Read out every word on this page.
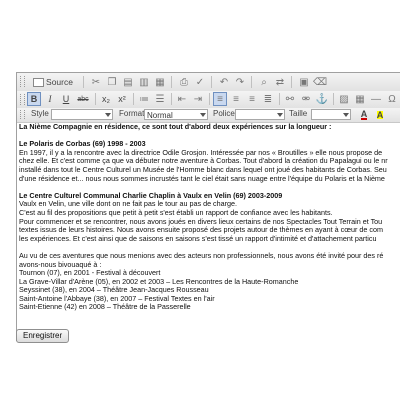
Source ✂ ❐ ▤ ▥ ▦	⎙ ✓ ↶ ↷	⌕ ⇄ ▣ ⌫
B	I	U	abc	x₂ x²	≔ ☰ ⇤ ⇥	≡	≡	≡ ≣ ⚯ ⚮ ⚓ ▨ ▦ ― Ω
Style	Format Normal	Police	Taille	A A

La Nième Compagnie en résidence, ce sont tout d'abord deux expériences sur la longueur :

Le Polaris de Corbas (69) 1998 - 2003

En 1997, il y a la rencontre avec la directrice Odile Grosjon. Intéressée par nos « Broutilles » elle nous propose de

chez elle. Et c'est comme ça que va débuter notre aventure à Corbas. Tout d'abord la création du Papalagui ou le nr

installé dans tout le Centre Culturel un Musée de l'Homme blanc dans lequel ont joué des habitants de Corbas. Seu

d'une résidence et... nous nous sommes incrustés tant le ciel était sans nuage entre l'équipe du Polaris et la Nième

Le Centre Culturel Communal Charlie Chaplin à Vaulx en Velin (69) 2003-2009

Vaulx en Velin, une ville dont on ne fait pas le tour au pas de charge.

C'est au fil des propositions que petit à petit s'est établi un rapport de confiance avec les habitants.

Pour commencer et se rencontrer, nous avons joués en divers lieux certains de nos Spectacles Tout Terrain et Tou

textes issus de leurs histoires. Nous avons ensuite proposé des projets autour de thèmes en ayant à cœur de com

les expériences. Et c'est ainsi que de saisons en saisons s'est tissé un rapport d'intimité et d'attachement particu

Au vu de ces aventures que nous menions avec des acteurs non professionnels, nous avons été invité pour des ré

avons-nous bivouaqué à :

Tournon (07), en 2001 - Festival à découvert

La Grave-Villar d'Arène (05), en 2002 et 2003 – Les Rencontres de la Haute-Romanche

Seyssinet (38), en 2004 – Théâtre Jean-Jacques Rousseau

Saint-Antoine l'Abbaye (38), en 2007 – Festival Textes en l'air

Saint-Etienne (42) en 2008 – Théâtre de la Passerelle

Enregistrer
